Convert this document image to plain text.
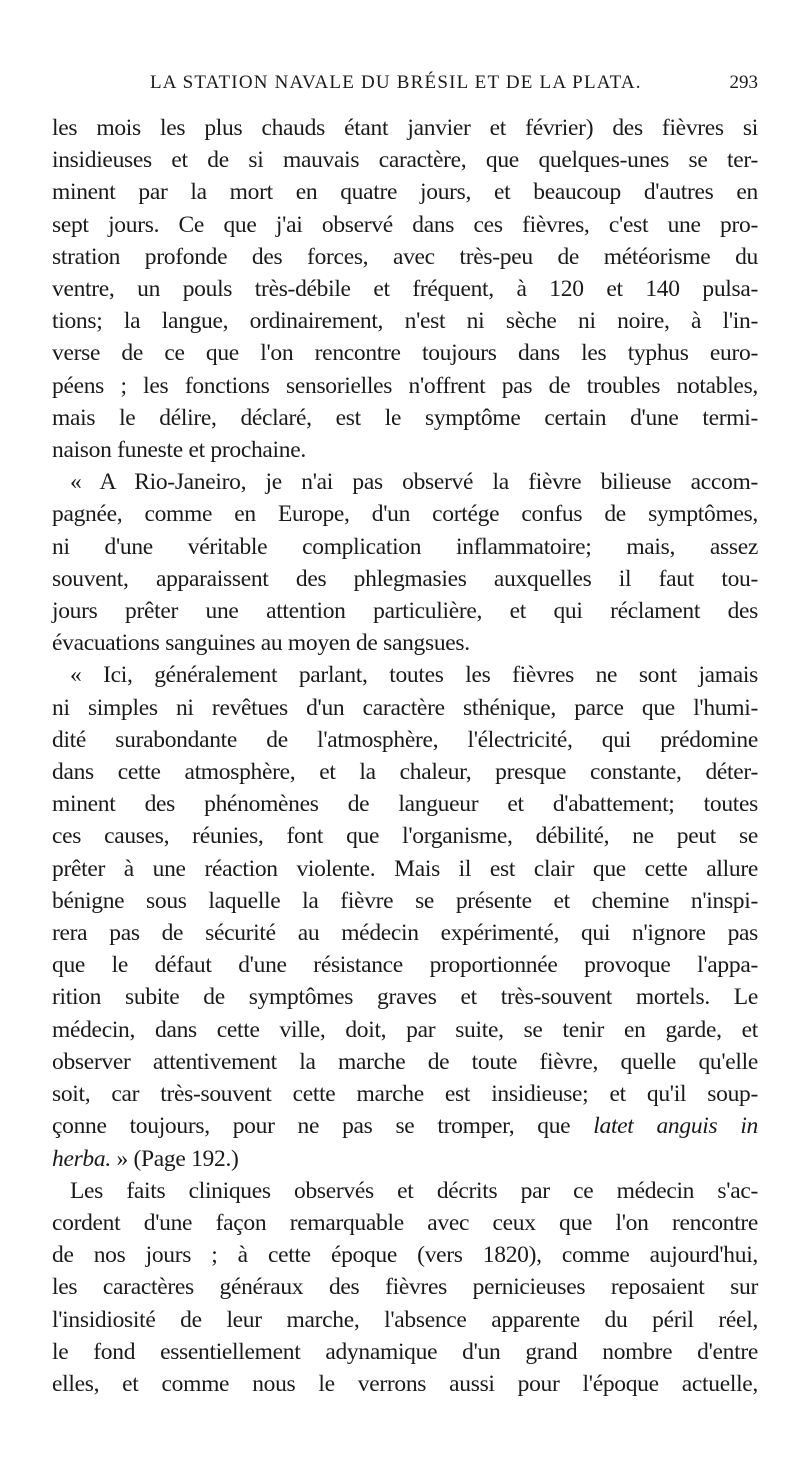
LA STATION NAVALE DU BRÉSIL ET DE LA PLATA.	293
les mois les plus chauds étant janvier et février) des fièvres si
insidieuses et de si mauvais caractère, que quelques-unes se ter-
minent par la mort en quatre jours, et beaucoup d'autres en
sept jours. Ce que j'ai observé dans ces fièvres, c'est une pro-
stration profonde des forces, avec très-peu de météorisme du
ventre, un pouls très-débile et fréquent, à 120 et 140 pulsa-
tions; la langue, ordinairement, n'est ni sèche ni noire, à l'in-
verse de ce que l'on rencontre toujours dans les typhus euro-
péens ; les fonctions sensorielles n'offrent pas de troubles notables,
mais le délire, déclaré, est le symptôme certain d'une termi-
naison funeste et prochaine.
« A Rio-Janeiro, je n'ai pas observé la fièvre bilieuse accom-
pagnée, comme en Europe, d'un cortége confus de symptômes,
ni d'une véritable complication inflammatoire; mais, assez
souvent, apparaissent des phlegmasies auxquelles il faut tou-
jours prêter une attention particulière, et qui réclament des
évacuations sanguines au moyen de sangsues.
« Ici, généralement parlant, toutes les fièvres ne sont jamais
ni simples ni revêtues d'un caractère sthénique, parce que l'humi-
dité surabondante de l'atmosphère, l'électricité, qui prédomine
dans cette atmosphère, et la chaleur, presque constante, déter-
minent des phénomènes de langueur et d'abattement; toutes
ces causes, réunies, font que l'organisme, débilité, ne peut se
prêter à une réaction violente. Mais il est clair que cette allure
bénigne sous laquelle la fièvre se présente et chemine n'inspi-
rera pas de sécurité au médecin expérimenté, qui n'ignore pas
que le défaut d'une résistance proportionnée provoque l'appa-
rition subite de symptômes graves et très-souvent mortels. Le
médecin, dans cette ville, doit, par suite, se tenir en garde, et
observer attentivement la marche de toute fièvre, quelle qu'elle
soit, car très-souvent cette marche est insidieuse; et qu'il soup-
çonne toujours, pour ne pas se tromper, que latet anguis in
herba. » (Page 192.)
Les faits cliniques observés et décrits par ce médecin s'ac-
cordent d'une façon remarquable avec ceux que l'on rencontre
de nos jours ; à cette époque (vers 1820), comme aujourd'hui,
les caractères généraux des fièvres pernicieuses reposaient sur
l'insidiosité de leur marche, l'absence apparente du péril réel,
le fond essentiellement adynamique d'un grand nombre d'entre
elles, et comme nous le verrons aussi pour l'époque actuelle,
